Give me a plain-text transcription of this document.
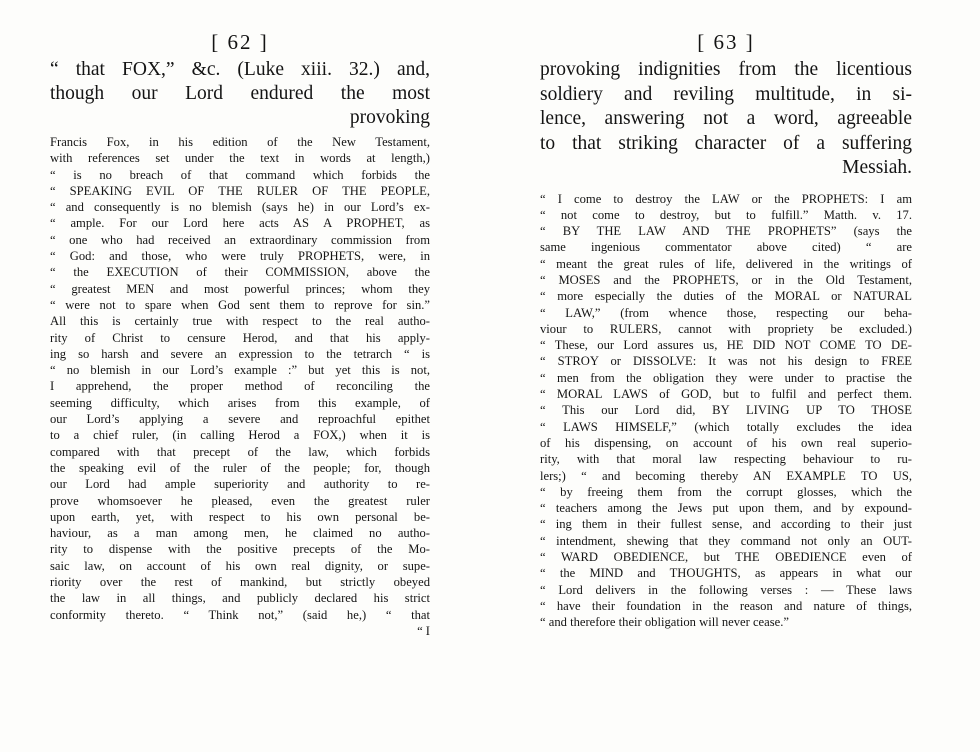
[ 62 ]
“ that FOX,” &c. (Luke xiii. 32.) and,
though our Lord endured the most
provoking
Francis Fox, in his edition of the New Testament,
with references set under the text in words at length,)
“ is no breach of that command which forbids the
“ SPEAKING EVIL OF THE RULER OF THE PEOPLE,
“ and consequently is no blemish (says he) in our Lord’s ex-
“ ample. For our Lord here acts AS A PROPHET, as
“ one who had received an extraordinary commission from
“ God: and those, who were truly PROPHETS, were, in
“ the EXECUTION of their COMMISSION, above the
“ greatest MEN and most powerful princes; whom they
“ were not to spare when God sent them to reprove for sin.”
All this is certainly true with respect to the real autho-
rity of Christ to censure Herod, and that his apply-
ing so harsh and severe an expression to the tetrarch “ is
“ no blemish in our Lord’s example :” but yet this is not,
I apprehend, the proper method of reconciling the
seeming difficulty, which arises from this example, of
our Lord’s applying a severe and reproachful epithet
to a chief ruler, (in calling Herod a FOX,) when it is
compared with that precept of the law, which forbids
the speaking evil of the ruler of the people; for, though
our Lord had ample superiority and authority to re-
prove whomsoever he pleased, even the greatest ruler
upon earth, yet, with respect to his own personal be-
haviour, as a man among men, he claimed no autho-
rity to dispense with the positive precepts of the Mo-
saic law, on account of his own real dignity, or supe-
riority over the rest of mankind, but strictly obeyed
the law in all things, and publicly declared his strict
conformity thereto. “ Think not,” (said he,) “ that
“ I
[ 63 ]
provoking indignities from the licentious
soldiery and reviling multitude, in si-
lence, answering not a word, agreeable
to that striking character of a suffering
Messiah.
“ I come to destroy the LAW or the PROPHETS: I am
“ not come to destroy, but to fulfill.” Matth. v. 17.
“ BY THE LAW AND THE PROPHETS” (says the
same ingenious commentator above cited) “ are
“ meant the great rules of life, delivered in the writings of
“ MOSES and the PROPHETS, or in the Old Testament,
“ more especially the duties of the MORAL or NATURAL
“ LAW,” (from whence those, respecting our beha-
viour to RULERS, cannot with propriety be excluded.)
“ These, our Lord assures us, HE DID NOT COME TO DE-
“ STROY or DISSOLVE: It was not his design to FREE
“ men from the obligation they were under to practise the
“ MORAL LAWS of GOD, but to fulfil and perfect them.
“ This our Lord did, BY LIVING UP TO THOSE
“ LAWS HIMSELF,” (which totally excludes the idea
of his dispensing, on account of his own real superio-
rity, with that moral law respecting behaviour to ru-
lers;) “ and becoming thereby AN EXAMPLE TO US,
“ by freeing them from the corrupt glosses, which the
“ teachers among the Jews put upon them, and by expound-
“ ing them in their fullest sense, and according to their just
“ intendment, shewing that they command not only an OUT-
“ WARD OBEDIENCE, but THE OBEDIENCE even of
“ the MIND and THOUGHTS, as appears in what our
“ Lord delivers in the following verses : — These laws
“ have their foundation in the reason and nature of things,
“ and therefore their obligation will never cease.”
